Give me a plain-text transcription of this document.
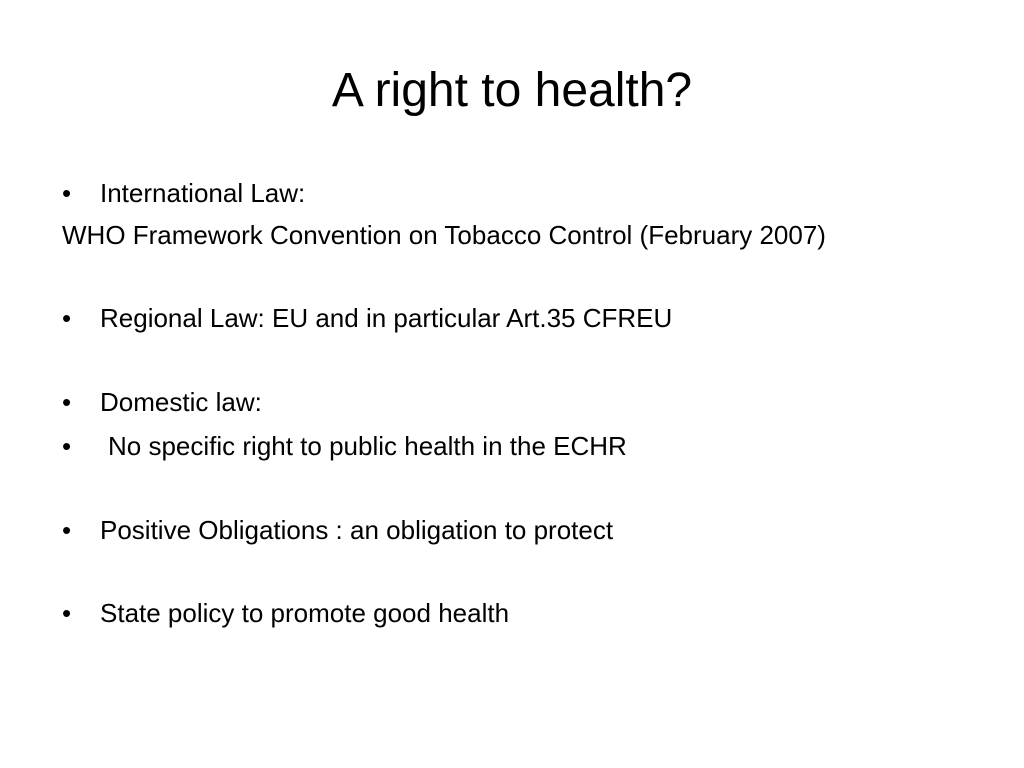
A right to health?
•	International Law:
WHO Framework Convention on Tobacco Control (February 2007)
•	Regional Law: EU and in particular Art.35 CFREU
•	Domestic law:
•	No specific right to public health in the ECHR
•	Positive Obligations : an obligation to protect
•	State policy to promote good health
